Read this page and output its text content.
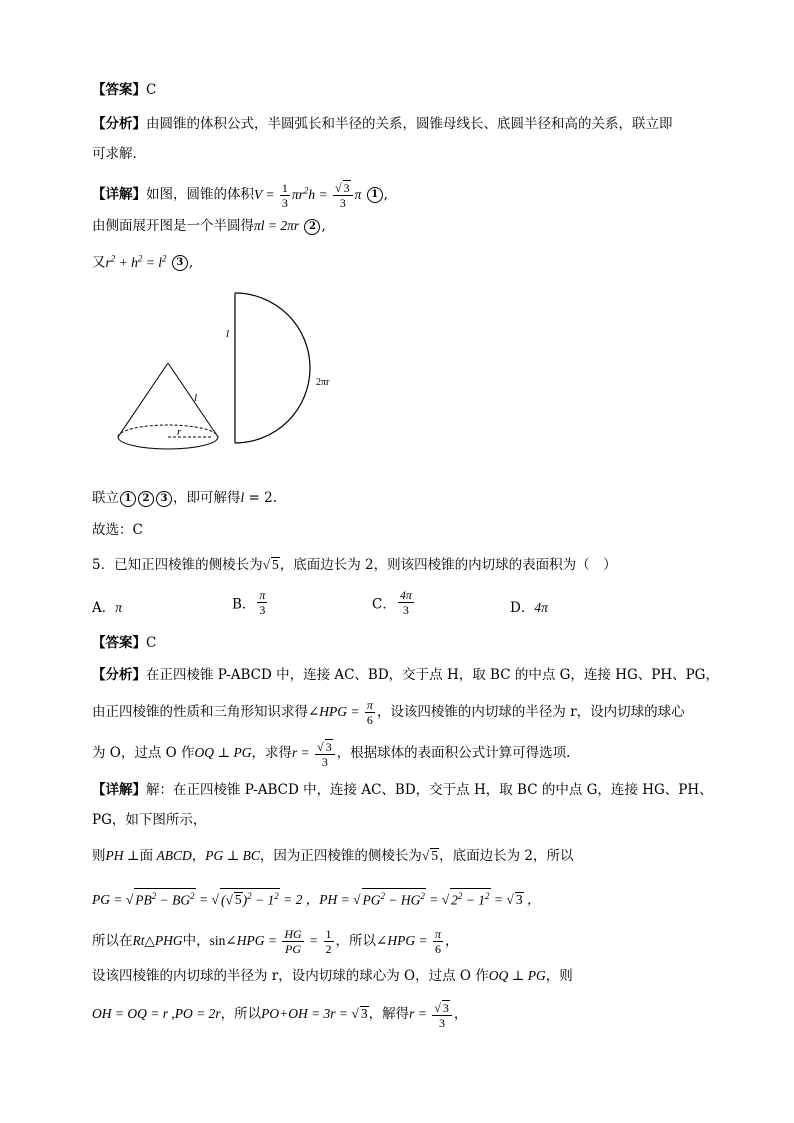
【答案】C
【分析】由圆锥的体积公式，半圆弧长和半径的关系，圆锥母线长、底圆半径和高的关系，联立即
可求解.
【详解】如图，圆锥的体积$V = \frac{1}{3} \pi r^2h = \frac{√ 3}{3}$ π 1 ,
由侧面展开图是一个半圆得πl = 2πr 2 ,
又$r^2 + h^2 = l^2$ 3 ,
l
r
l
2πr
联立 1 2 3 ，即可解得l = 2.
故选：C
5．已知正四棱锥的侧棱长为√ 5，底面边长为 2，则该四棱锥的内切球的表面积为（　）
A．π	B． $\frac{\pi}{3}$	C． $\frac{4\pi}{3}$	D．4π
【答案】C
【分析】在正四棱锥 P-ABCD 中，连接 AC、BD，交于点 H，取 BC 的中点 G，连接 HG、PH、PG，
由正四棱锥的性质和三角形知识求得∠HPG = $\frac{\pi}{6}$ ，设该四棱锥的内切球的半径为 r，设内切球的球心
为 O，过点 O 作OQ ⊥ PG，求得$r = \frac{√ 3}{3}$ ，根据球体的表面积公式计算可得选项.
【详解】解：在正四棱锥 P-ABCD 中，连接 AC、BD，交于点 H，取 BC 的中点 G，连接 HG、PH、
PG，如下图所示，
则PH ⊥面 ABCD，PG ⊥ BC，因为正四棱锥的侧棱长为√ 5，底面边长为 2，所以
PG = √ $PB^2 - BG^2$ = √ (√ $5)^2 - 1^2 = 2$ ，PH = √ $PG^2 - HG^2$ = √ $2^2 - 1^2$ = √ 3 ，
所以在Rt△PHG中，sin∠HPG = $\frac{HG}{PG} = \frac{1}{2}$ ，所以∠HPG = $\frac{\pi}{6}$ ，
设该四棱锥的内切球的半径为 r，设内切球的球心为 O，过点 O 作OQ ⊥ PG，则
OH = OQ = r ,PO = 2r，所以PO+OH = 3r = √ 3，解得$r = \frac{√ 3}{3}$ ，
